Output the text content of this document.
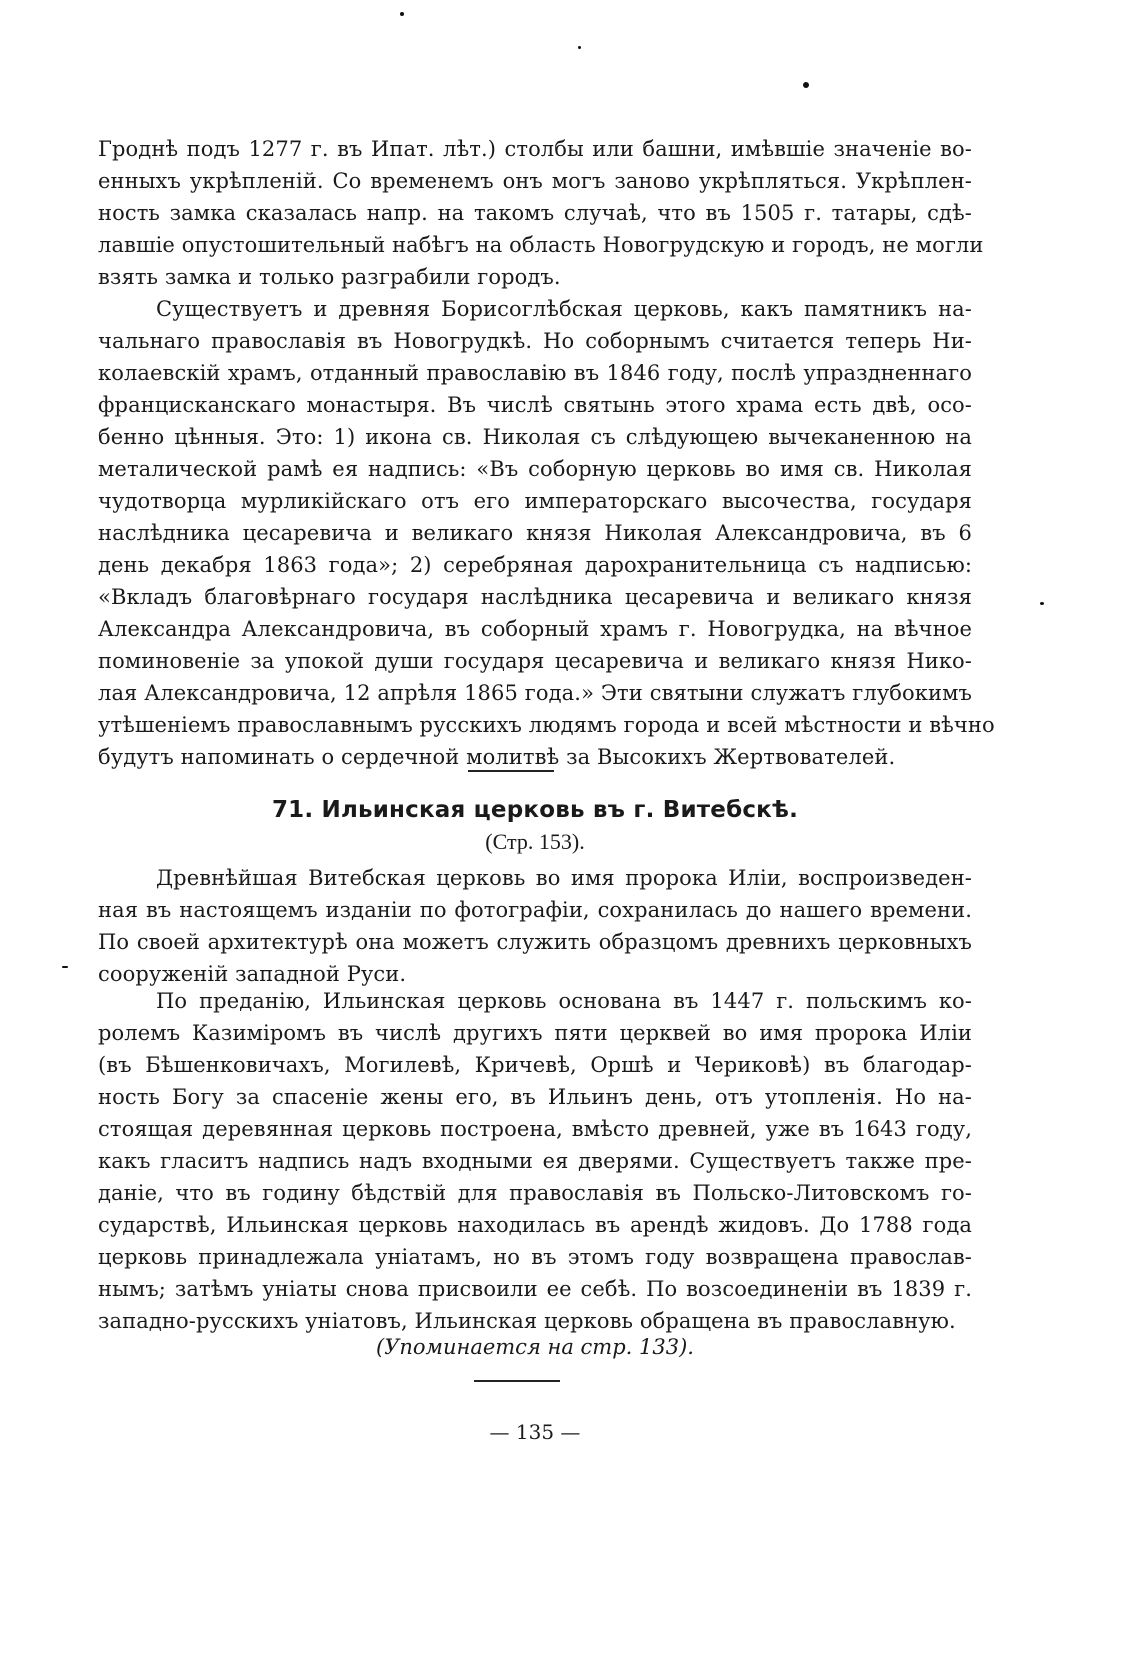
Гроднѣ подъ 1277 г. въ Ипат. лѣт.) столбы или башни, имѣвшіе значеніе во-
енныхъ укрѣпленій. Со временемъ онъ могъ заново укрѣпляться. Укрѣплен-
ность замка сказалась напр. на такомъ случаѣ, что въ 1505 г. татары, сдѣ-
лавшіе опустошительный набѣгъ на область Новогрудскую и городъ, не могли
взять замка и только разграбили городъ.
Существуетъ и древняя Борисоглѣбская церковь, какъ памятникъ на-
чальнаго православія въ Новогрудкѣ. Но соборнымъ считается теперь Ни-
колаевскій храмъ, отданный православію въ 1846 году, послѣ упраздненнаго
францисканскаго монастыря. Въ числѣ святынь этого храма есть двѣ, осо-
бенно цѣнныя. Это: 1) икона св. Николая съ слѣдующею вычеканенною на
металической рамѣ ея надпись: «Въ соборную церковь во имя св. Николая
чудотворца мурликійскаго отъ его императорскаго высочества, государя
наслѣдника цесаревича и великаго князя Николая Александровича, въ 6
день декабря 1863 года»; 2) серебряная дарохранительница съ надписью:
«Вкладъ благовѣрнаго государя наслѣдника цесаревича и великаго князя
Александра Александровича, въ соборный храмъ г. Новогрудка, на вѣчное
поминовеніе за упокой души государя цесаревича и великаго князя Нико-
лая Александровича, 12 апрѣля 1865 года.» Эти святыни служатъ глубокимъ
утѣшеніемъ православнымъ русскихъ людямъ города и всей мѣстности и вѣчно
будутъ напоминать о сердечной молитвѣ за Высокихъ Жертвователей.
71. Ильинская церковь въ г. Витебскѣ.
(Стр. 153).
Древнѣйшая Витебская церковь во имя пророка Иліи, воспроизведен-
ная въ настоящемъ изданіи по фотографіи, сохранилась до нашего времени.
По своей архитектурѣ она можетъ служить образцомъ древнихъ церковныхъ
сооруженій западной Руси.
По преданію, Ильинская церковь основана въ 1447 г. польскимъ ко-
ролемъ Казиміромъ въ числѣ другихъ пяти церквей во имя пророка Иліи
(въ Бѣшенковичахъ, Могилевѣ, Кричевѣ, Оршѣ и Чериковѣ) въ благодар-
ность Богу за спасеніе жены его, въ Ильинъ день, отъ утопленія. Но на-
стоящая деревянная церковь построена, вмѣсто древней, уже въ 1643 году,
какъ гласитъ надпись надъ входными ея дверями. Существуетъ также пре-
даніе, что въ годину бѣдствій для православія въ Польско-Литовскомъ го-
сударствѣ, Ильинская церковь находилась въ арендѣ жидовъ. До 1788 года
церковь принадлежала уніатамъ, но въ этомъ году возвращена православ-
нымъ; затѣмъ уніаты снова присвоили ее себѣ. По возсоединеніи въ 1839 г.
западно-русскихъ уніатовъ, Ильинская церковь обращена въ православную.
(Упоминается на стр. 133).
— 135 —
